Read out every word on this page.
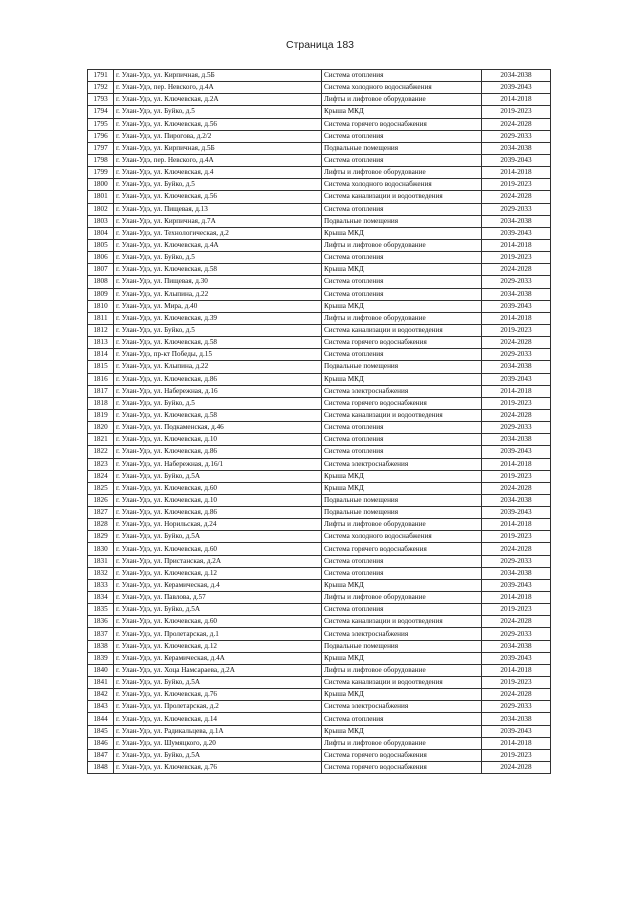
Страница 183
1791	г. Улан-Удэ, ул. Кирпичная, д.5Б	Система отопления	2034-2038
1792	г. Улан-Удэ, пер. Невского, д.4А	Система холодного водоснабжения	2039-2043
1793	г. Улан-Удэ, ул. Ключевская, д.2А	Лифты и лифтовое оборудование	2014-2018
1794	г. Улан-Удэ, ул. Буйко, д.5	Крыша МКД	2019-2023
1795	г. Улан-Удэ, ул. Ключевская, д.56	Система горячего водоснабжения	2024-2028
1796	г. Улан-Удэ, ул. Пирогова, д.2/2	Система отопления	2029-2033
1797	г. Улан-Удэ, ул. Кирпичная, д.5Б	Подвальные помещения	2034-2038
1798	г. Улан-Удэ, пер. Невского, д.4А	Система отопления	2039-2043
1799	г. Улан-Удэ, ул. Ключевская, д.4	Лифты и лифтовое оборудование	2014-2018
1800	г. Улан-Удэ, ул. Буйко, д.5	Система холодного водоснабжения	2019-2023
1801	г. Улан-Удэ, ул. Ключевская, д.56	Система канализации и водоотведения	2024-2028
1802	г. Улан-Удэ, ул. Пищевая, д.13	Система отопления	2029-2033
1803	г. Улан-Удэ, ул. Кирпичная, д.7А	Подвальные помещения	2034-2038
1804	г. Улан-Удэ, ул. Технологическая, д.2	Крыша МКД	2039-2043
1805	г. Улан-Удэ, ул. Ключевская, д.4А	Лифты и лифтовое оборудование	2014-2018
1806	г. Улан-Удэ, ул. Буйко, д.5	Система отопления	2019-2023
1807	г. Улан-Удэ, ул. Ключевская, д.58	Крыша МКД	2024-2028
1808	г. Улан-Удэ, ул. Пищевая, д.30	Система отопления	2029-2033
1809	г. Улан-Удэ, ул. Клыпина, д.22	Система отопления	2034-2038
1810	г. Улан-Удэ, ул. Мира, д.40	Крыша МКД	2039-2043
1811	г. Улан-Удэ, ул. Ключевская, д.39	Лифты и лифтовое оборудование	2014-2018
1812	г. Улан-Удэ, ул. Буйко, д.5	Система канализации и водоотведения	2019-2023
1813	г. Улан-Удэ, ул. Ключевская, д.58	Система горячего водоснабжения	2024-2028
1814	г. Улан-Удэ, пр-кт Победы, д.15	Система отопления	2029-2033
1815	г. Улан-Удэ, ул. Клыпина, д.22	Подвальные помещения	2034-2038
1816	г. Улан-Удэ, ул. Ключевская, д.86	Крыша МКД	2039-2043
1817	г. Улан-Удэ, ул. Набережная, д.16	Система электроснабжения	2014-2018
1818	г. Улан-Удэ, ул. Буйко, д.5	Система горячего водоснабжения	2019-2023
1819	г. Улан-Удэ, ул. Ключевская, д.58	Система канализации и водоотведения	2024-2028
1820	г. Улан-Удэ, ул. Подкаменская, д.46	Система отопления	2029-2033
1821	г. Улан-Удэ, ул. Ключевская, д.10	Система отопления	2034-2038
1822	г. Улан-Удэ, ул. Ключевская, д.86	Система отопления	2039-2043
1823	г. Улан-Удэ, ул. Набережная, д.16/1	Система электроснабжения	2014-2018
1824	г. Улан-Удэ, ул. Буйко, д.5А	Крыша МКД	2019-2023
1825	г. Улан-Удэ, ул. Ключевская, д.60	Крыша МКД	2024-2028
1826	г. Улан-Удэ, ул. Ключевская, д.10	Подвальные помещения	2034-2038
1827	г. Улан-Удэ, ул. Ключевская, д.86	Подвальные помещения	2039-2043
1828	г. Улан-Удэ, ул. Норильская, д.24	Лифты и лифтовое оборудование	2014-2018
1829	г. Улан-Удэ, ул. Буйко, д.5А	Система холодного водоснабжения	2019-2023
1830	г. Улан-Удэ, ул. Ключевская, д.60	Система горячего водоснабжения	2024-2028
1831	г. Улан-Удэ, ул. Пристанская, д.2А	Система отопления	2029-2033
1832	г. Улан-Удэ, ул. Ключевская, д.12	Система отопления	2034-2038
1833	г. Улан-Удэ, ул. Керамическая, д.4	Крыша МКД	2039-2043
1834	г. Улан-Удэ, ул. Павлова, д.57	Лифты и лифтовое оборудование	2014-2018
1835	г. Улан-Удэ, ул. Буйко, д.5А	Система отопления	2019-2023
1836	г. Улан-Удэ, ул. Ключевская, д.60	Система канализации и водоотведения	2024-2028
1837	г. Улан-Удэ, ул. Пролетарская, д.1	Система электроснабжения	2029-2033
1838	г. Улан-Удэ, ул. Ключевская, д.12	Подвальные помещения	2034-2038
1839	г. Улан-Удэ, ул. Керамическая, д.4А	Крыша МКД	2039-2043
1840	г. Улан-Удэ, ул. Хоца Намсараева, д.2А	Лифты и лифтовое оборудование	2014-2018
1841	г. Улан-Удэ, ул. Буйко, д.5А	Система канализации и водоотведения	2019-2023
1842	г. Улан-Удэ, ул. Ключевская, д.76	Крыша МКД	2024-2028
1843	г. Улан-Удэ, ул. Пролетарская, д.2	Система электроснабжения	2029-2033
1844	г. Улан-Удэ, ул. Ключевская, д.14	Система отопления	2034-2038
1845	г. Улан-Удэ, ул. Радикальцева, д.1А	Крыша МКД	2039-2043
1846	г. Улан-Удэ, ул. Шумяцкого, д.20	Лифты и лифтовое оборудование	2014-2018
1847	г. Улан-Удэ, ул. Буйко, д.5А	Система горячего водоснабжения	2019-2023
1848	г. Улан-Удэ, ул. Ключевская, д.76	Система горячего водоснабжения	2024-2028
